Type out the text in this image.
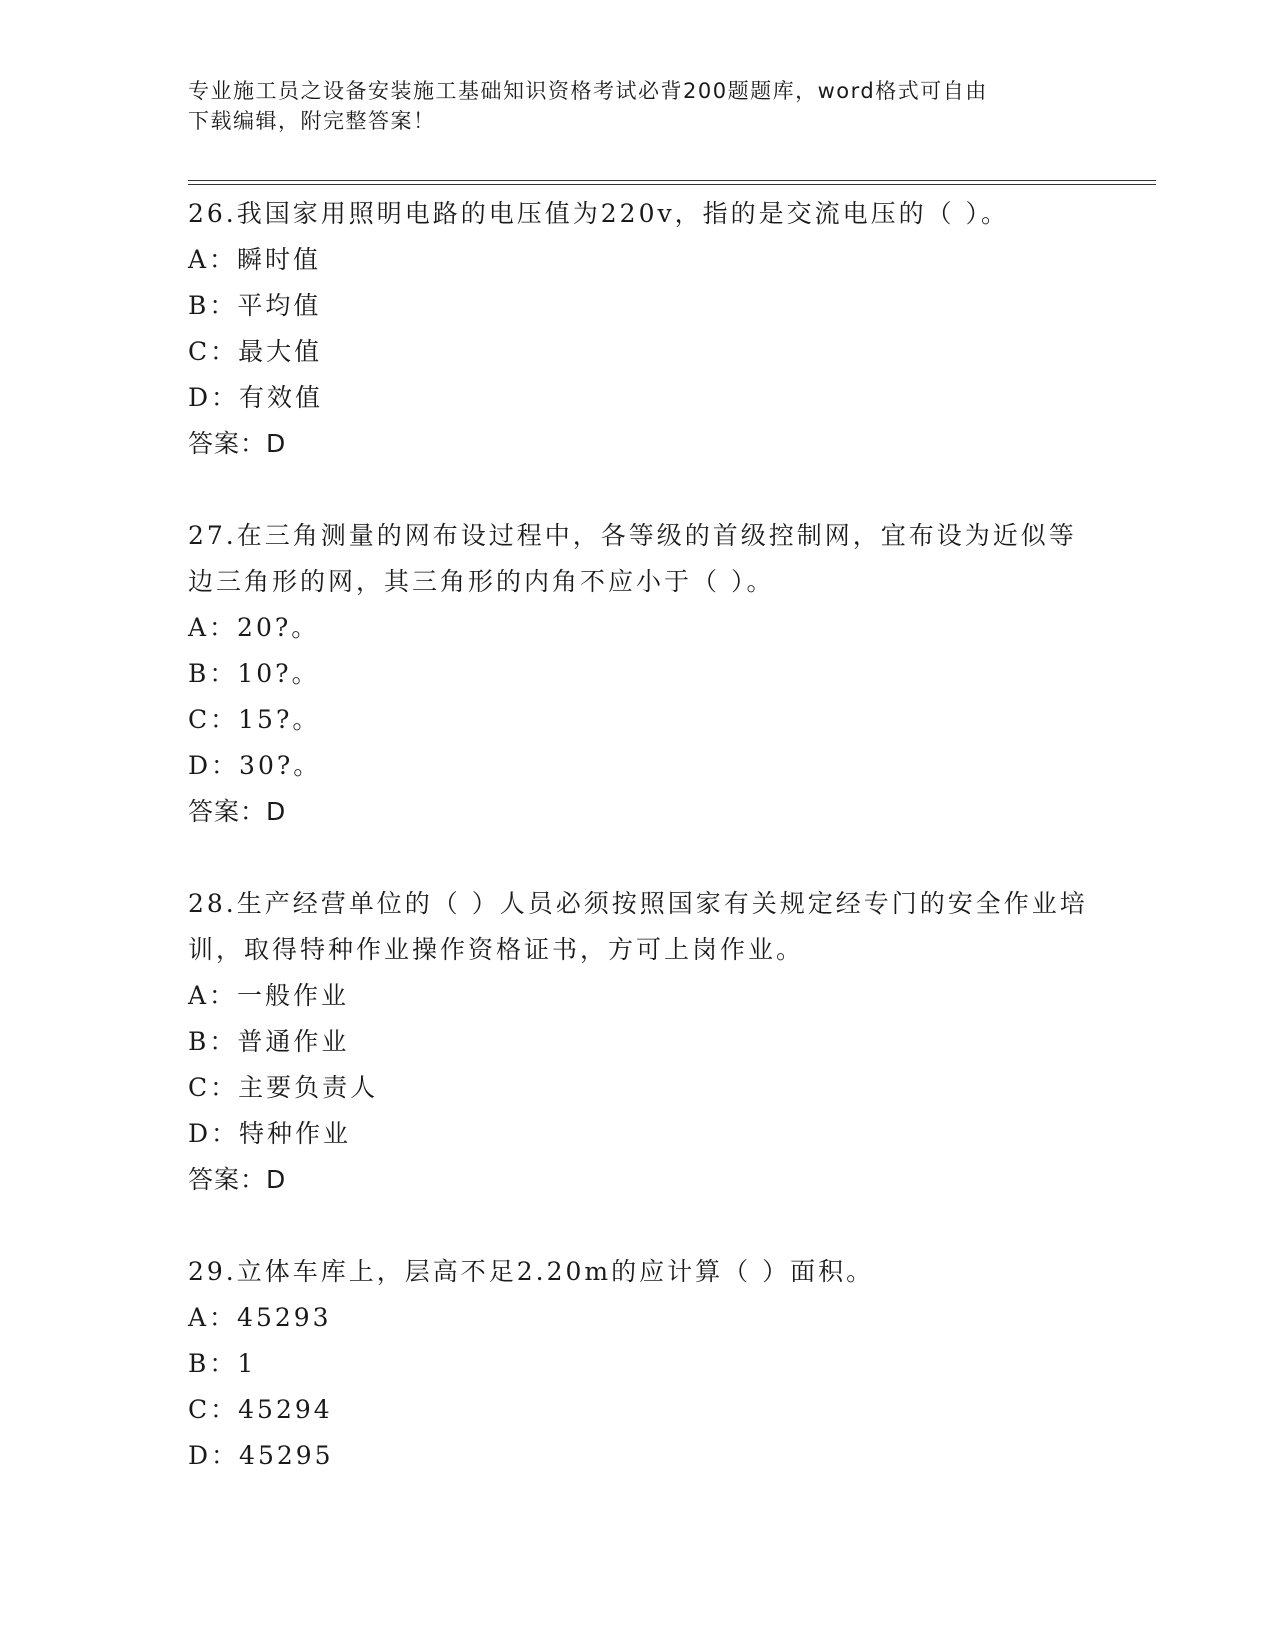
专业施工员之设备安装施工基础知识资格考试必背200题题库，word格式可自由
下载编辑，附完整答案！
26.我国家用照明电路的电压值为220v，指的是交流电压的（ ）。
A：瞬时值
B：平均值
C：最大值
D：有效值
答案：D
27.在三角测量的网布设过程中，各等级的首级控制网，宜布设为近似等边三角形的网，其三角形的内角不应小于（ ）。
A：20?。
B：10?。
C：15?。
D：30?。
答案：D
28.生产经营单位的（ ）人员必须按照国家有关规定经专门的安全作业培训，取得特种作业操作资格证书，方可上岗作业。
A：一般作业
B：普通作业
C：主要负责人
D：特种作业
答案：D
29.立体车库上，层高不足2.20m的应计算（ ）面积。
A：45293
B：1
C：45294
D：45295
